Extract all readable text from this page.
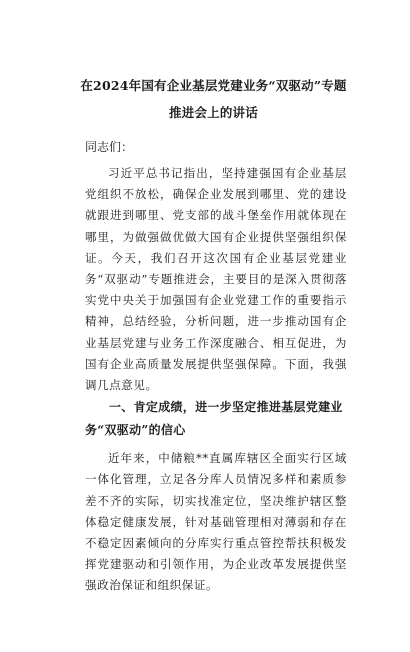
在2024年国有企业基层党建业务“双驱动”专题推进会上的讲话
同志们：

习近平总书记指出，坚持建强国有企业基层党组织不放松，确保企业发展到哪里、党的建设就跟进到哪里、党支部的战斗堡垒作用就体现在哪里，为做强做优做大国有企业提供坚强组织保证。今天，我们召开这次国有企业基层党建业务“双驱动”专题推进会，主要目的是深入贯彻落实党中央关于加强国有企业党建工作的重要指示精神，总结经验，分析问题，进一步推动国有企业基层党建与业务工作深度融合、相互促进，为国有企业高质量发展提供坚强保障。下面，我强调几点意见。

一、肯定成绩，进一步坚定推进基层党建业务“双驱动”的信心

近年来，中储粮**直属库辖区全面实行区域一体化管理，立足各分库人员情况多样和素质参差不齐的实际，切实找准定位，坚决维护辖区整体稳定健康发展，针对基础管理相对薄弱和存在不稳定因素倾向的分库实行重点管控帮扶积极发挥党建驱动和引领作用，为企业改革发展提供坚强政治保证和组织保证。
